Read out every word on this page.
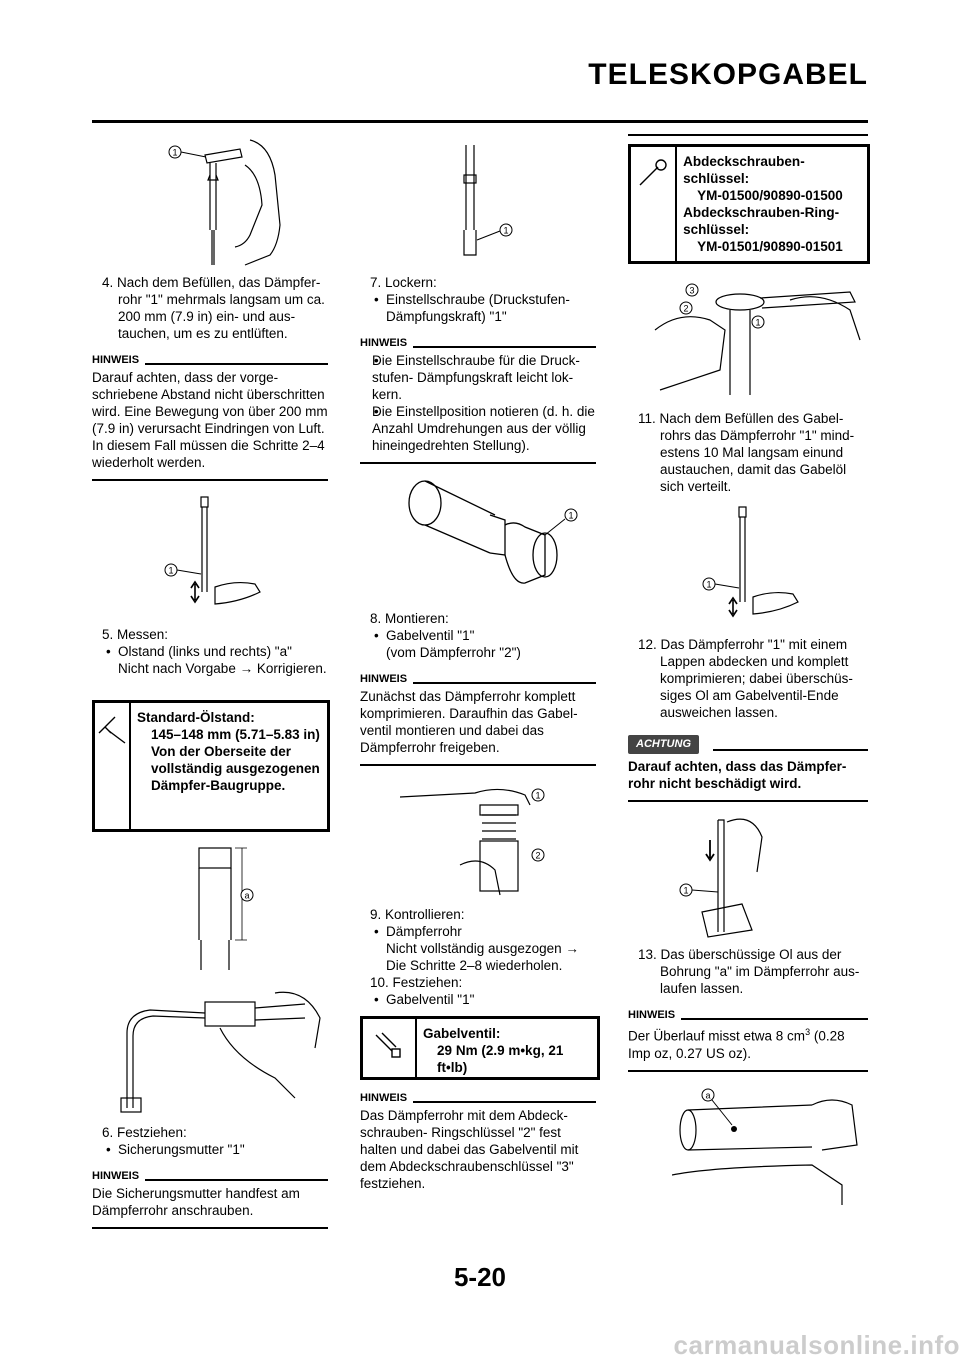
TELESKOPGABEL
1
4. Nach dem Befüllen, das Dämpferrohr "1" mehrmals langsam um ca. 200 mm (7.9 in) ein- und austauchen, um es zu entlüften.
HINWEIS
Darauf achten, dass der vorgeschriebene Abstand nicht überschritten wird. Eine Bewegung von über 200 mm (7.9 in) verursacht Eindringen von Luft. In diesem Fall müssen die Schritte 2–4 wiederholt werden.
1
5. Messen:
• Olstand (links und rechts) "a"
Nicht nach Vorgabe → Korrigieren.
Standard-Ölstand:
145–148 mm (5.71–5.83 in)
Von der Oberseite der vollständig ausgezogenen Dämpfer-Baugruppe.
a
6. Festziehen:
• Sicherungsmutter "1"
HINWEIS
Die Sicherungsmutter handfest am Dämpferrohr anschrauben.
1
7. Lockern:
• Einstellschraube (Druckstufen- Dämpfungskraft) "1"
HINWEIS
• Die Einstellschraube für die Druckstufen- Dämpfungskraft leicht lokkern.
• Die Einstellposition notieren (d. h. die Anzahl Umdrehungen aus der völlig hineingedrehten Stellung).
1
8. Montieren:
• Gabelventil "1"
(vom Dämpferrohr "2")
HINWEIS
Zunächst das Dämpferrohr komplett komprimieren. Daraufhin das Gabelventil montieren und dabei das Dämpferrohr freigeben.
1
2
9. Kontrollieren:
• Dämpferrohr
Nicht vollständig ausgezogen → Die Schritte 2–8 wiederholen.
10. Festziehen:
• Gabelventil "1"
Gabelventil:
29 Nm (2.9 m•kg, 21 ft•lb)
HINWEIS
Das Dämpferrohr mit dem Abdeckschrauben- Ringschlüssel "2" fest halten und dabei das Gabelventil mit dem Abdeckschraubenschlüssel "3" festziehen.
Abdeckschraubenschlüssel:
YM-01500/90890-01500
Abdeckschrauben-Ringschlüssel:
YM-01501/90890-01501
3
2
1
11. Nach dem Befüllen des Gabelrohrs das Dämpferrohr "1" mindestens 10 Mal langsam einund austauchen, damit das Gabelöl sich verteilt.
1
12. Das Dämpferrohr "1" mit einem Lappen abdecken und komplett komprimieren; dabei überschüssiges Ol am Gabelventil-Ende ausweichen lassen.
ACHTUNG
Darauf achten, dass das Dämpferrohr nicht beschädigt wird.
1
13. Das überschüssige Ol aus der Bohrung "a" im Dämpferrohr auslaufen lassen.
HINWEIS
Der Überlauf misst etwa 8 $cm^3$ (0.28 Imp oz, 0.27 US oz).
a
5-20
carmanualsonline.info
